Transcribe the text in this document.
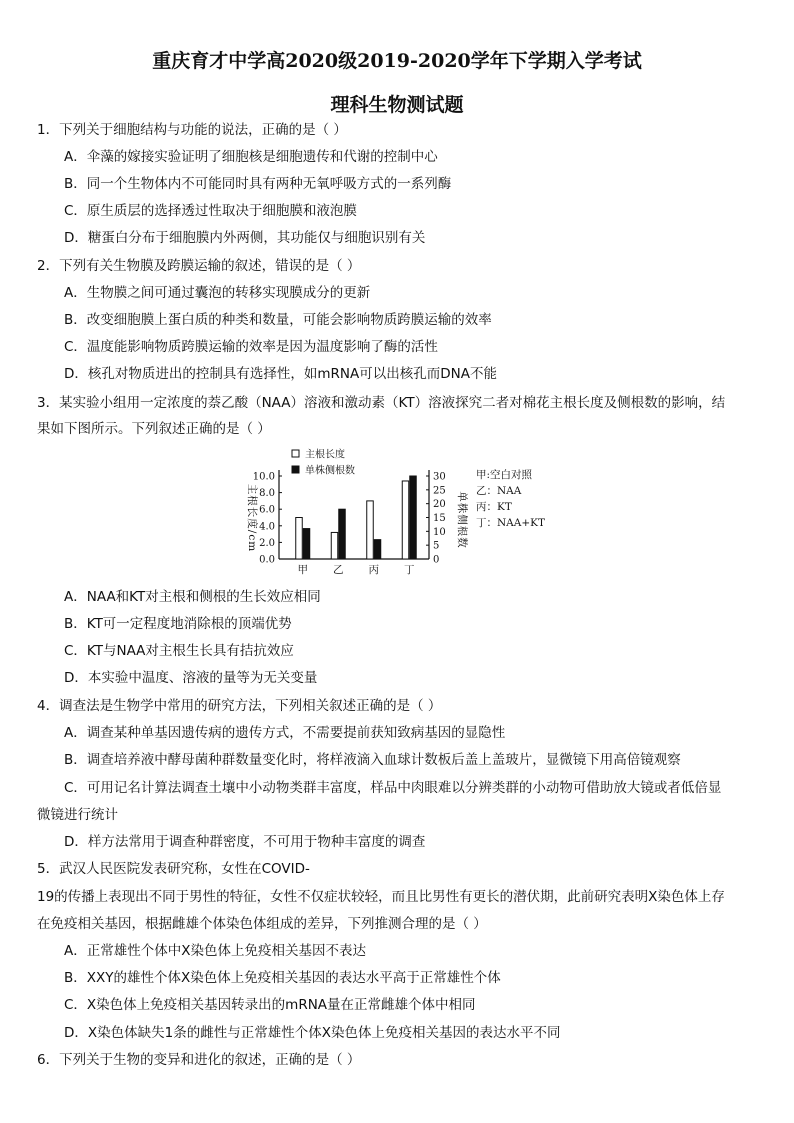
重庆育才中学高2020级2019-2020学年下学期入学考试
理科生物测试题
1．下列关于细胞结构与功能的说法，正确的是（ ）
A．伞藻的嫁接实验证明了细胞核是细胞遗传和代谢的控制中心
B．同一个生物体内不可能同时具有两种无氧呼吸方式的一系列酶
C．原生质层的选择透过性取决于细胞膜和液泡膜
D．糖蛋白分布于细胞膜内外两侧，其功能仅与细胞识别有关
2．下列有关生物膜及跨膜运输的叙述，错误的是（ ）
A．生物膜之间可通过囊泡的转移实现膜成分的更新
B．改变细胞膜上蛋白质的种类和数量，可能会影响物质跨膜运输的效率
C．温度能影响物质跨膜运输的效率是因为温度影响了酶的活性
D．核孔对物质进出的控制具有选择性，如mRNA可以出核孔而DNA不能
3．某实验小组用一定浓度的萘乙酸（NAA）溶液和激动素（KT）溶液探究二者对棉花主根长度及侧根数的影响，结
果如下图所示。下列叙述正确的是（ ）
0.0
2.0
4.0
6.0
8.0
10.0
0
5
10
15
20
25
30
主根长度/cm	单株侧根数
主根长度
单株侧根数
甲 乙 丙 丁
甲:空白对照
乙：NAA
丙：KT
丁：NAA+KT
A．NAA和KT对主根和侧根的生长效应相同
B．KT可一定程度地消除根的顶端优势
C．KT与NAA对主根生长具有拮抗效应
D．本实验中温度、溶液的量等为无关变量
4．调查法是生物学中常用的研究方法，下列相关叙述正确的是（ ）
A．调查某种单基因遗传病的遗传方式，不需要提前获知致病基因的显隐性
B．调查培养液中酵母菌种群数量变化时，将样液滴入血球计数板后盖上盖玻片，显微镜下用高倍镜观察
C．可用记名计算法调查土壤中小动物类群丰富度，样品中肉眼难以分辨类群的小动物可借助放大镜或者低倍显
微镜进行统计
D．样方法常用于调查种群密度，不可用于物种丰富度的调查
5．武汉人民医院发表研究称，女性在COVID-
19的传播上表现出不同于男性的特征，女性不仅症状较轻，而且比男性有更长的潜伏期，此前研究表明X染色体上存
在免疫相关基因，根据雌雄个体染色体组成的差异，下列推测合理的是（ ）
A．正常雄性个体中X染色体上免疫相关基因不表达
B．XXY的雄性个体X染色体上免疫相关基因的表达水平高于正常雄性个体
C．X染色体上免疫相关基因转录出的mRNA量在正常雌雄个体中相同
D．X染色体缺失1条的雌性与正常雄性个体X染色体上免疫相关基因的表达水平不同
6．下列关于生物的变异和进化的叙述，正确的是（ ）
